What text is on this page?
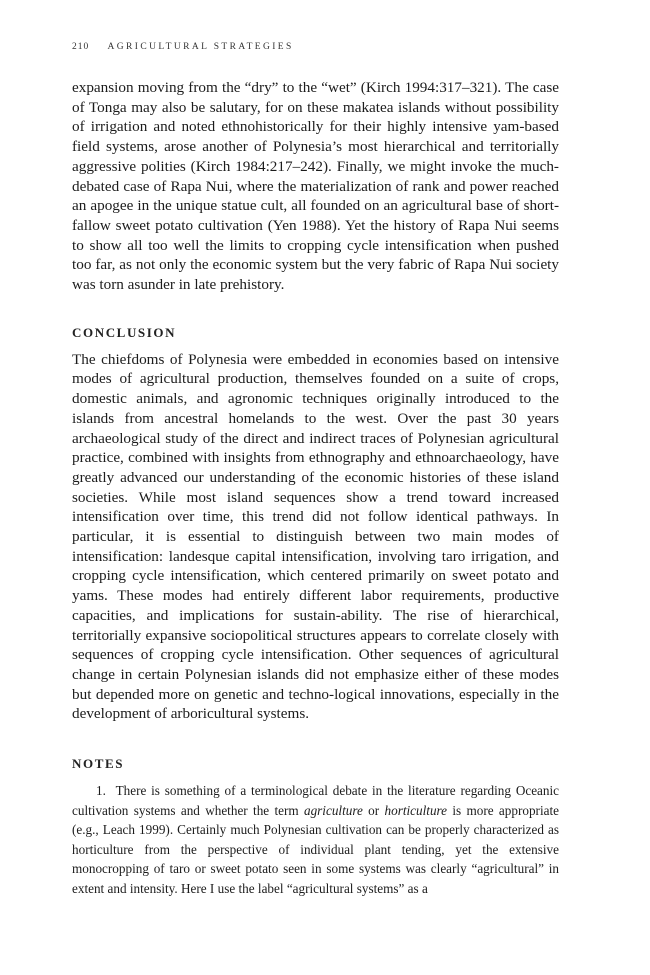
210 AGRICULTURAL STRATEGIES

expansion moving from the “dry” to the “wet” (Kirch 1994:317–321). The case of Tonga may also be salutary, for on these makatea islands without possibility of irrigation and noted ethnohistorically for their highly intensive yam-based field systems, arose another of Polynesia’s most hierarchical and territorially aggressive polities (Kirch 1984:217–242). Finally, we might invoke the much-debated case of Rapa Nui, where the materialization of rank and power reached an apogee in the unique statue cult, all founded on an agricultural base of short-fallow sweet potato cultivation (Yen 1988). Yet the history of Rapa Nui seems to show all too well the limits to cropping cycle intensification when pushed too far, as not only the economic system but the very fabric of Rapa Nui society was torn asunder in late prehistory.

CONCLUSION

The chiefdoms of Polynesia were embedded in economies based on intensive modes of agricultural production, themselves founded on a suite of crops, domestic animals, and agronomic techniques originally introduced to the islands from ancestral homelands to the west. Over the past 30 years archaeological study of the direct and indirect traces of Polynesian agricultural practice, combined with insights from ethnography and ethnoarchaeology, have greatly advanced our understanding of the economic histories of these island societies. While most island sequences show a trend toward increased intensification over time, this trend did not follow identical pathways. In particular, it is essential to distinguish between two main modes of intensification: landesque capital intensification, involving taro irrigation, and cropping cycle intensification, which centered primarily on sweet potato and yams. These modes had entirely different labor requirements, productive capacities, and implications for sustain-ability. The rise of hierarchical, territorially expansive sociopolitical structures appears to correlate closely with sequences of cropping cycle intensification. Other sequences of agricultural change in certain Polynesian islands did not emphasize either of these modes but depended more on genetic and techno-logical innovations, especially in the development of arboricultural systems.

NOTES

1. There is something of a terminological debate in the literature regarding Oceanic cultivation systems and whether the term agriculture or horticulture is more appropriate (e.g., Leach 1999). Certainly much Polynesian cultivation can be properly characterized as horticulture from the perspective of individual plant tending, yet the extensive monocropping of taro or sweet potato seen in some systems was clearly “agricultural” in extent and intensity. Here I use the label “agricultural systems” as a
